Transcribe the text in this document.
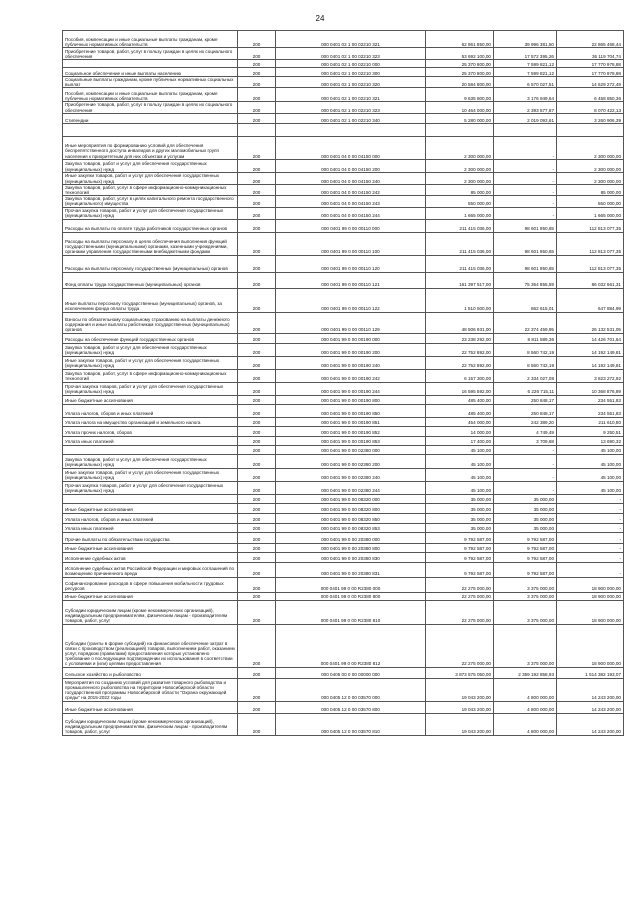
24
Пособия, компенсации и иные социальные выплаты гражданам, кроме публичных нормативных обязательств	200	000 0401 02 1 00 02210 321	62 861 850,00	39 996 381,50	22 865 468,44
Приобретение товаров, работ, услуг в пользу граждан в целях их социального обеспечения	200	000 0401 02 1 00 02210 323	53 692 100,00	17 572 395,26	36 119 704,74
	200	000 0401 02 1 00 02210 000	25 370 800,00	7 599 821,12	17 770 978,88
Социальное обеспечение и иные выплаты населению	200	000 0401 02 1 00 02210 300	25 370 800,00	7 599 821,12	17 770 978,88
Социальные выплаты гражданам, кроме публичных нормативных социальных выплат	200	000 0401 02 1 00 02210 320	20 584 800,00	6 570 027,51	14 529 272,49
Пособия, компенсации и иные социальные выплаты гражданам, кроме публичных нормативных обязательств	200	000 0401 02 1 00 02210 321	9 635 800,00	3 176 949,64	6 458 850,36
Приобретение товаров, работ, услуг в пользу граждан в целях их социального обеспечения	200	000 0401 02 1 00 02210 323	10 464 000,00	2 393 577,87	8 070 422,13
Стипендии	200	000 0401 02 1 00 02210 340	5 280 000,00	2 019 093,61	3 260 906,39

Иные мероприятия по формированию условий для обеспечения беспрепятственного доступа инвалидов и других маломобильных групп населения к приоритетным для них объектам и услугам	200	000 0401 04 0 00 04150 000	2 300 000,00	-	2 300 000,00
Закупка товаров, работ и услуг для обеспечения государственных (муниципальных) нужд	200	000 0401 04 0 00 04150 200	2 300 000,00	-	2 300 000,00
Иные закупки товаров, работ и услуг для обеспечения государственных (муниципальных) нужд	200	000 0401 04 0 00 04150 240	2 300 000,00	-	2 300 000,00
Закупка товаров, работ, услуг в сфере информационно-коммуникационных технологий	200	000 0401 04 0 00 04150 242	85 000,00	-	85 000,00
Закупка товаров, работ, услуг в целях капитального ремонта государственного (муниципального) имущества	200	000 0401 04 0 00 04150 243	550 000,00	-	550 000,00
Прочая закупка товаров, работ и услуг для обеспечения государственных (муниципальных) нужд	200	000 0401 04 0 00 04150 244	1 665 000,00	-	1 665 000,00
Расходы на выплаты по оплате труда работников государственных органов	200	000 0401 99 0 00 00110 000	211 415 036,00	98 601 950,65	112 813 077,35
Расходы на выплаты персоналу в целях обеспечения выполнения функций государственными (муниципальными) органами, казенными учреждениями, органами управления государственными внебюджетными фондами	200	000 0401 99 0 00 00110 100	211 415 036,00	98 601 950,65	112 813 077,35
Расходы на выплаты персоналу государственных (муниципальных) органов	200	000 0401 99 0 00 00110 120	211 415 036,00	98 601 950,65	112 813 077,35
Фонд оплаты труда государственных (муниципальных) органов	200	000 0401 99 0 00 00110 121	161 397 517,00	75 364 855,59	86 032 661,31
Иные выплаты персоналу государственных (муниципальных) органов, за исключением фонда оплаты труда	200	000 0401 99 0 00 00110 122	1 510 500,00	862 615,01	647 884,99
Взносы по обязательному социальному страхованию на выплаты денежного содержания и иные выплаты работникам государственных (муниципальных) органов	200	000 0401 99 0 00 00110 129	48 506 931,00	22 374 459,95	26 132 531,05
Расходы на обеспечение функций государственных органов	200	000 0401 99 0 00 00190 000	23 238 292,00	8 811 589,36	14 426 701,64
Закупка товаров, работ и услуг для обеспечения государственных (муниципальных) нужд	200	000 0401 99 0 00 00190 200	22 752 892,00	8 560 742,19	14 192 149,81
Иные закупки товаров, работ и услуг для обеспечения государственных (муниципальных) нужд	200	000 0401 99 0 00 00190 240	22 752 892,00	8 560 742,19	14 192 149,81
Закупка товаров, работ, услуг в сфере информационно-коммуникационных технологий	200	000 0401 99 0 00 00190 242	6 157 300,00	2 334 027,08	3 823 272,92
Прочая закупка товаров, работ и услуг для обеспечения государственных (муниципальных) нужд	200	000 0401 99 0 00 00190 244	16 595 592,00	6 226 715,11	10 368 876,89
Иные бюджетные ассигнования	200	000 0401 99 0 00 00190 800	485 400,00	250 848,17	234 551,83
Уплата налогов, сборов и иных платежей	200	000 0401 99 0 00 00190 850	485 400,00	250 848,17	234 551,83
Уплата налога на имущество организаций и земельного налога	200	000 0401 99 0 00 00190 851	454 000,00	242 389,20	211 610,80
Уплата прочих налогов, сборов	200	000 0401 99 0 00 00190 852	14 000,00	4 749,49	9 250,51
Уплата иных платежей	200	000 0401 99 0 00 00190 853	17 400,00	3 709,68	13 690,32
	200	000 0401 99 0 00 02380 000	45 100,00	-	45 100,00
Закупка товаров, работ и услуг для обеспечения государственных (муниципальных) нужд	200	000 0401 99 0 00 02380 200	45 100,00	-	45 100,00
Иные закупки товаров, работ и услуг для обеспечения государственных (муниципальных) нужд	200	000 0401 99 0 00 02380 240	45 100,00	-	45 100,00
Прочая закупка товаров, работ и услуг для обеспечения государственных (муниципальных) нужд	200	000 0401 99 0 00 02380 244	45 100,00	-	45 100,00
	200	000 0401 99 0 00 08320 000	35 000,00	35 000,00	-
Иные бюджетные ассигнования	200	000 0401 99 0 00 08320 800	35 000,00	35 000,00	-
Уплата налогов, сборов и иных платежей	200	000 0401 99 0 00 08320 850	35 000,00	35 000,00	-
Уплата иных платежей	200	000 0401 99 0 00 08320 853	35 000,00	35 000,00	-
Прочие выплаты по обязательствам государства	200	000 0401 99 0 00 20380 000	9 792 587,00	9 792 587,00	-
Иные бюджетные ассигнования	200	000 0401 99 0 00 20380 800	9 792 587,00	9 792 587,00	-
Исполнение судебных актов	200	000 0401 99 0 00 20380 830	9 792 587,00	9 792 587,00	-
Исполнение судебных актов Российской Федерации и мировых соглашений по возмещению причиненного вреда	200	000 0401 99 0 00 20380 831	9 792 587,00	9 792 587,00	-
Софинансирование расходов в сфере повышения мобильности трудовых ресурсов	200	000 0401 99 0 00 R2380 000	22 275 000,00	3 375 000,00	18 900 000,00
Иные бюджетные ассигнования	200	000 0401 99 0 00 R2380 800	22 275 000,00	3 375 000,00	18 900 000,00
Субсидии юридическим лицам (кроме некоммерческих организаций), индивидуальным предпринимателям, физическим лицам - производителям товаров, работ, услуг	200	000 0401 99 0 00 R2380 810	22 275 000,00	3 375 000,00	18 900 000,00
Субсидии (гранты в форме субсидий) на финансовое обеспечение затрат в связи с производством (реализацией) товаров, выполнением работ, оказанием услуг, порядком (правилами) предоставления которых установлено требование о последующем подтверждении их использования в соответствии с условиями и (или) целями предоставления	200	000 0401 99 0 00 R2380 812	22 275 000,00	3 375 000,00	18 900 000,00
Сельское хозяйство и рыболовство	200	000 0405 00 0 00 00000 000	3 873 575 050,00	2 359 192 858,93	1 514 382 193,07
Мероприятия по созданию условий для развития товарного рыбоводства и промышленного рыболовства на территории Новосибирской области государственной программы Новосибирской области "Охрана окружающей среды" на 2015-2022 годы	200	000 0405 12 0 00 03570 000	19 043 200,00	4 800 000,00	14 243 200,00
Иные бюджетные ассигнования	200	000 0405 12 0 00 03570 800	19 043 200,00	4 800 000,00	14 243 200,00
Субсидии юридическим лицам (кроме некоммерческих организаций), индивидуальным предпринимателям, физическим лицам - производителям товаров, работ, услуг	200	000 0405 12 0 00 03570 810	19 043 200,00	4 800 000,00	14 243 200,00
